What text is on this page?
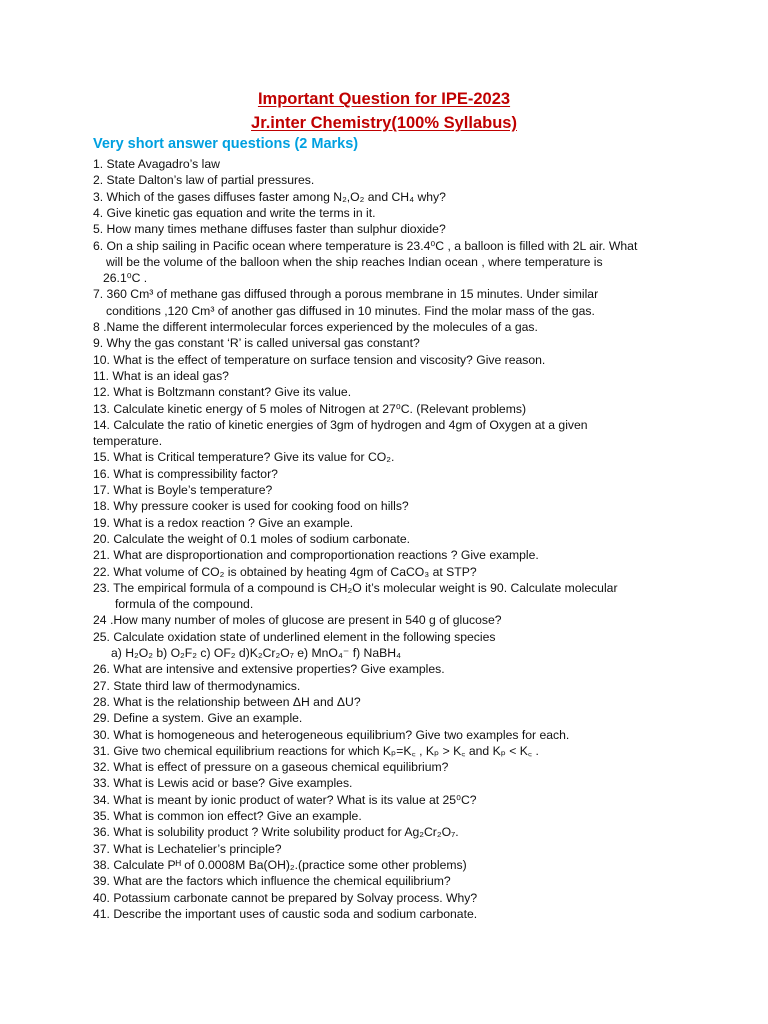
Important Question for IPE-2023
Jr.inter Chemistry(100% Syllabus)
Very short answer questions (2 Marks)
1. State Avagadro’s law
2. State Dalton’s law of partial pressures.
3. Which of the gases diffuses faster among N₂,O₂ and CH₄ why?
4. Give kinetic gas equation and write the terms in it.
5. How many times methane diffuses faster than sulphur dioxide?
6. On a ship sailing in Pacific ocean where temperature is 23.4⁰C , a balloon is filled with 2L air. What
will be the volume of the balloon when the ship reaches Indian ocean , where temperature is
26.1⁰C .
7. 360 Cm³ of methane gas diffused through a porous membrane in 15 minutes. Under similar
conditions ,120 Cm³ of another gas diffused in 10 minutes. Find the molar mass of the gas.
8 .Name the different intermolecular forces experienced by the molecules of a gas.
9. Why the gas constant ‘R’ is called universal gas constant?
10. What is the effect of temperature on surface tension and viscosity? Give reason.
11. What is an ideal gas?
12. What is Boltzmann constant? Give its value.
13. Calculate kinetic energy of 5 moles of Nitrogen at 27⁰C. (Relevant problems)
14. Calculate the ratio of kinetic energies of 3gm of hydrogen and 4gm of Oxygen at a given
temperature.
15. What is Critical temperature? Give its value for CO₂.
16. What is compressibility factor?
17. What is Boyle’s temperature?
18. Why pressure cooker is used for cooking food on hills?
19. What is a redox reaction ? Give an example.
20. Calculate the weight of 0.1 moles of sodium carbonate.
21. What are disproportionation and comproportionation reactions ? Give example.
22. What volume of CO₂ is obtained by heating 4gm of CaCO₃ at STP?
23. The empirical formula of a compound is CH₂O it’s molecular weight is 90. Calculate molecular
formula of the compound.
24 .How many number of moles of glucose are present in 540 g of glucose?
25. Calculate oxidation state of underlined element in the following species
a) H₂O₂ b) O₂F₂ c) OF₂ d)K₂Cr₂O₇ e) MnO₄⁻ f) NaBH₄
26. What are intensive and extensive properties? Give examples.
27. State third law of thermodynamics.
28. What is the relationship between ΔH and ΔU?
29. Define a system. Give an example.
30. What is homogeneous and heterogeneous equilibrium? Give two examples for each.
31. Give two chemical equilibrium reactions for which Kₚ=K꜀ , Kₚ > K꜀ and Kₚ < K꜀ .
32. What is effect of pressure on a gaseous chemical equilibrium?
33. What is Lewis acid or base? Give examples.
34. What is meant by ionic product of water? What is its value at 25⁰C?
35. What is common ion effect? Give an example.
36. What is solubility product ? Write solubility product for Ag₂Cr₂O₇.
37. What is Lechatelier’s principle?
38. Calculate Pᴴ of 0.0008M Ba(OH)₂.(practice some other problems)
39. What are the factors which influence the chemical equilibrium?
40. Potassium carbonate cannot be prepared by Solvay process. Why?
41. Describe the important uses of caustic soda and sodium carbonate.
